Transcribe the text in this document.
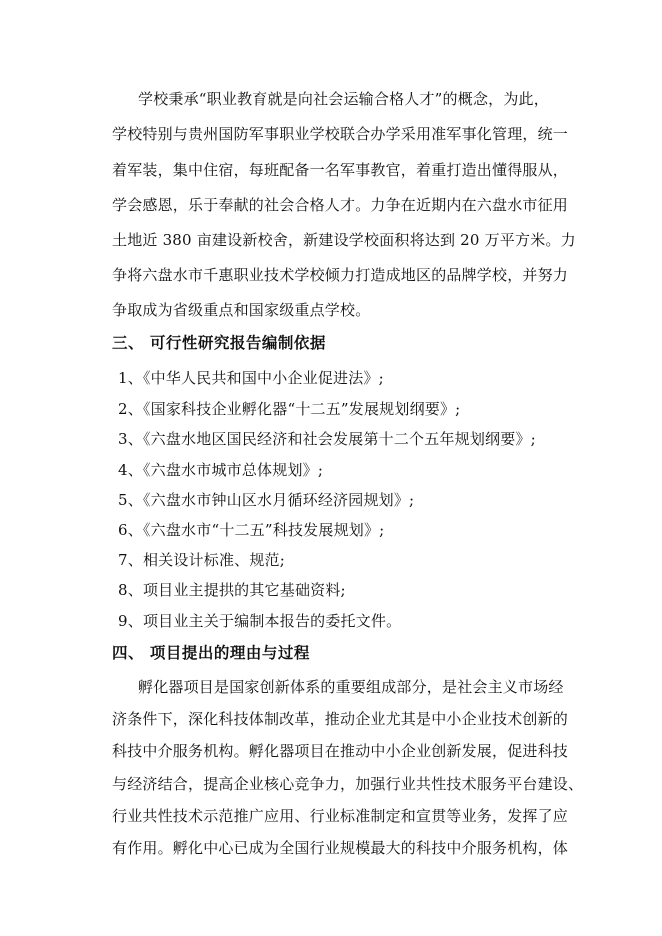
学校秉承“职业教育就是向社会运输合格人才”的概念，为此，
学校特别与贵州国防军事职业学校联合办学采用准军事化管理，统一
着军装，集中住宿，每班配备一名军事教官，着重打造出懂得服从，
学会感恩，乐于奉献的社会合格人才。力争在近期内在六盘水市征用
土地近 380 亩建设新校舍，新建设学校面积将达到 20 万平方米。力
争将六盘水市千惠职业技术学校倾力打造成地区的品牌学校，并努力
争取成为省级重点和国家级重点学校。
三、 可行性研究报告编制依据
1、《中华人民共和国中小企业促进法》;
2、《国家科技企业孵化器“十二五”发展规划纲要》;
3、《六盘水地区国民经济和社会发展第十二个五年规划纲要》;
4、《六盘水市城市总体规划》;
5、《六盘水市钟山区水月循环经济园规划》;
6、《六盘水市“十二五”科技发展规划》;
7、相关设计标准、规范;
8、项目业主提拱的其它基础资料;
9、项目业主关于编制本报告的委托文件。
四、 项目提出的理由与过程
孵化器项目是国家创新体系的重要组成部分，是社会主义市场经
济条件下，深化科技体制改革，推动企业尤其是中小企业技术创新的
科技中介服务机构。孵化器项目在推动中小企业创新发展，促进科技
与经济结合，提高企业核心竞争力，加强行业共性技术服务平台建设、
行业共性技术示范推广应用、行业标准制定和宣贯等业务，发挥了应
有作用。孵化中心已成为全国行业规模最大的科技中介服务机构，体
